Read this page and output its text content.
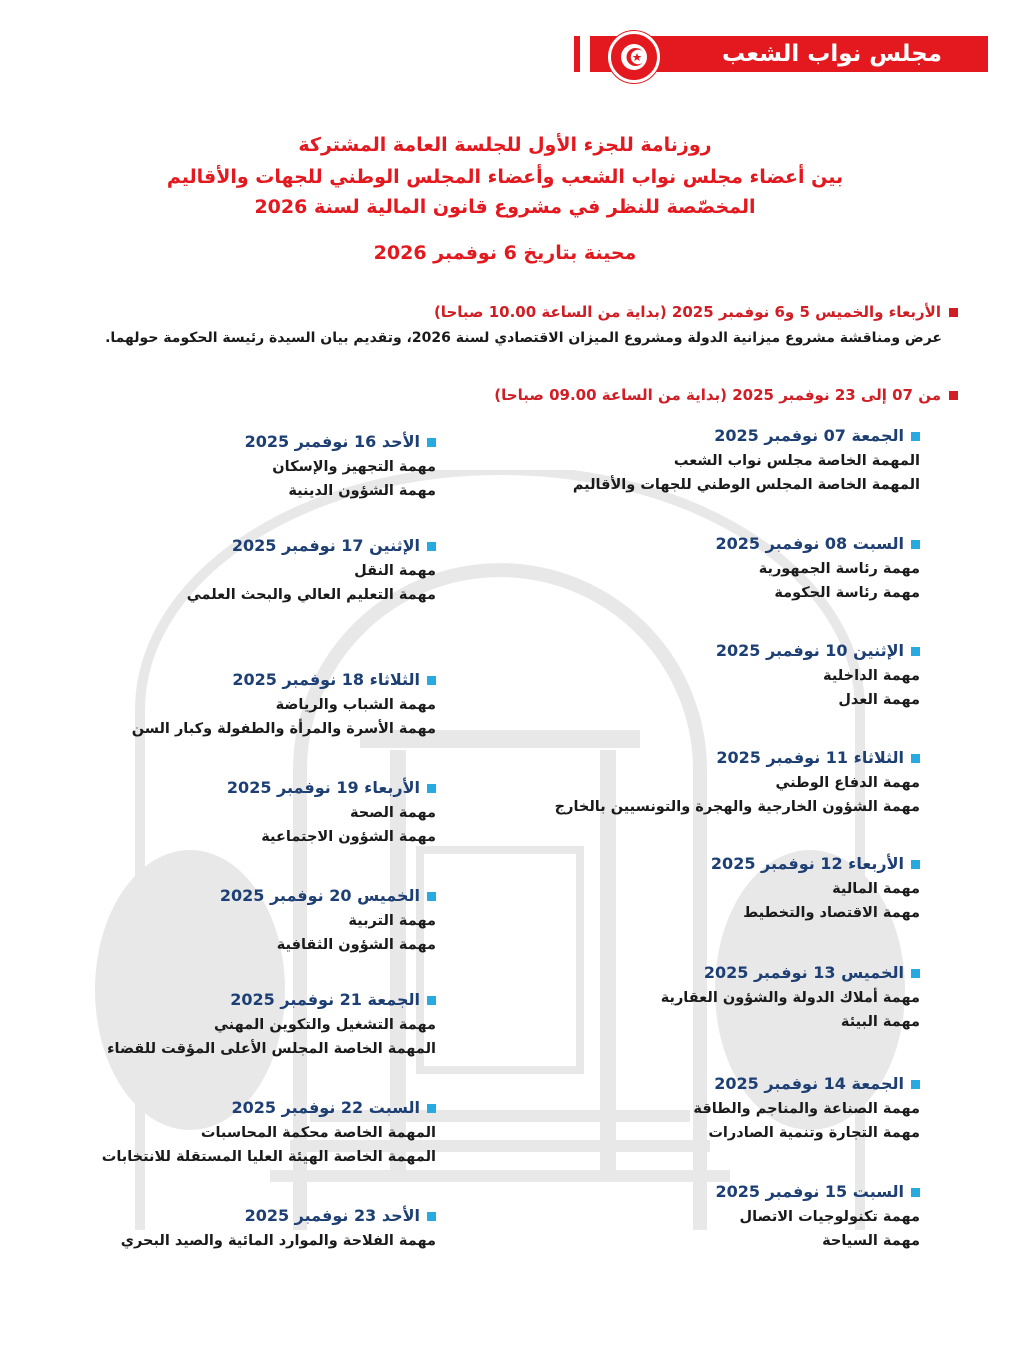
مجلس نواب الشعب
روزنامة للجزء الأول للجلسة العامة المشتركة
بين أعضاء مجلس نواب الشعب وأعضاء المجلس الوطني للجهات والأقاليم
المخصّصة للنظر في مشروع قانون المالية لسنة 2026
محينة بتاريخ 6 نوفمبر 2026
الأربعاء والخميس 5 و6 نوفمبر 2025 (بداية من الساعة 10.00 صباحا)
عرض ومناقشة مشروع ميزانية الدولة ومشروع الميزان الاقتصادي لسنة 2026، وتقديم بيان السيدة رئيسة الحكومة حولهما.
من 07 إلى 23 نوفمبر 2025 (بداية من الساعة 09.00 صباحا)
الجمعة 07 نوفمبر 2025
المهمة الخاصة مجلس نواب الشعب
المهمة الخاصة المجلس الوطني للجهات والأقاليم
السبت 08 نوفمبر 2025
مهمة رئاسة الجمهورية
مهمة رئاسة الحكومة
الإثنين 10 نوفمبر 2025
مهمة الداخلية
مهمة العدل
الثلاثاء 11 نوفمبر 2025
مهمة الدفاع الوطني
مهمة الشؤون الخارجية والهجرة والتونسيين بالخارج
الأربعاء 12 نوفمبر 2025
مهمة المالية
مهمة الاقتصاد والتخطيط
الخميس 13 نوفمبر 2025
مهمة أملاك الدولة والشؤون العقارية
مهمة البيئة
الجمعة 14 نوفمبر 2025
مهمة الصناعة والمناجم والطاقة
مهمة التجارة وتنمية الصادرات
السبت 15 نوفمبر 2025
مهمة تكنولوجيات الاتصال
مهمة السياحة
الأحد 16 نوفمبر 2025
مهمة التجهيز والإسكان
مهمة الشؤون الدينية
الإثنين 17 نوفمبر 2025
مهمة النقل
مهمة التعليم العالي والبحث العلمي
الثلاثاء 18 نوفمبر 2025
مهمة الشباب والرياضة
مهمة الأسرة والمرأة والطفولة وكبار السن
الأربعاء 19 نوفمبر 2025
مهمة الصحة
مهمة الشؤون الاجتماعية
الخميس 20 نوفمبر 2025
مهمة التربية
مهمة الشؤون الثقافية
الجمعة 21 نوفمبر 2025
مهمة التشغيل والتكوين المهني
المهمة الخاصة المجلس الأعلى المؤقت للقضاء
السبت 22 نوفمبر 2025
المهمة الخاصة محكمة المحاسبات
المهمة الخاصة الهيئة العليا المستقلة للانتخابات
الأحد 23 نوفمبر 2025
مهمة الفلاحة والموارد المائية والصيد البحري
